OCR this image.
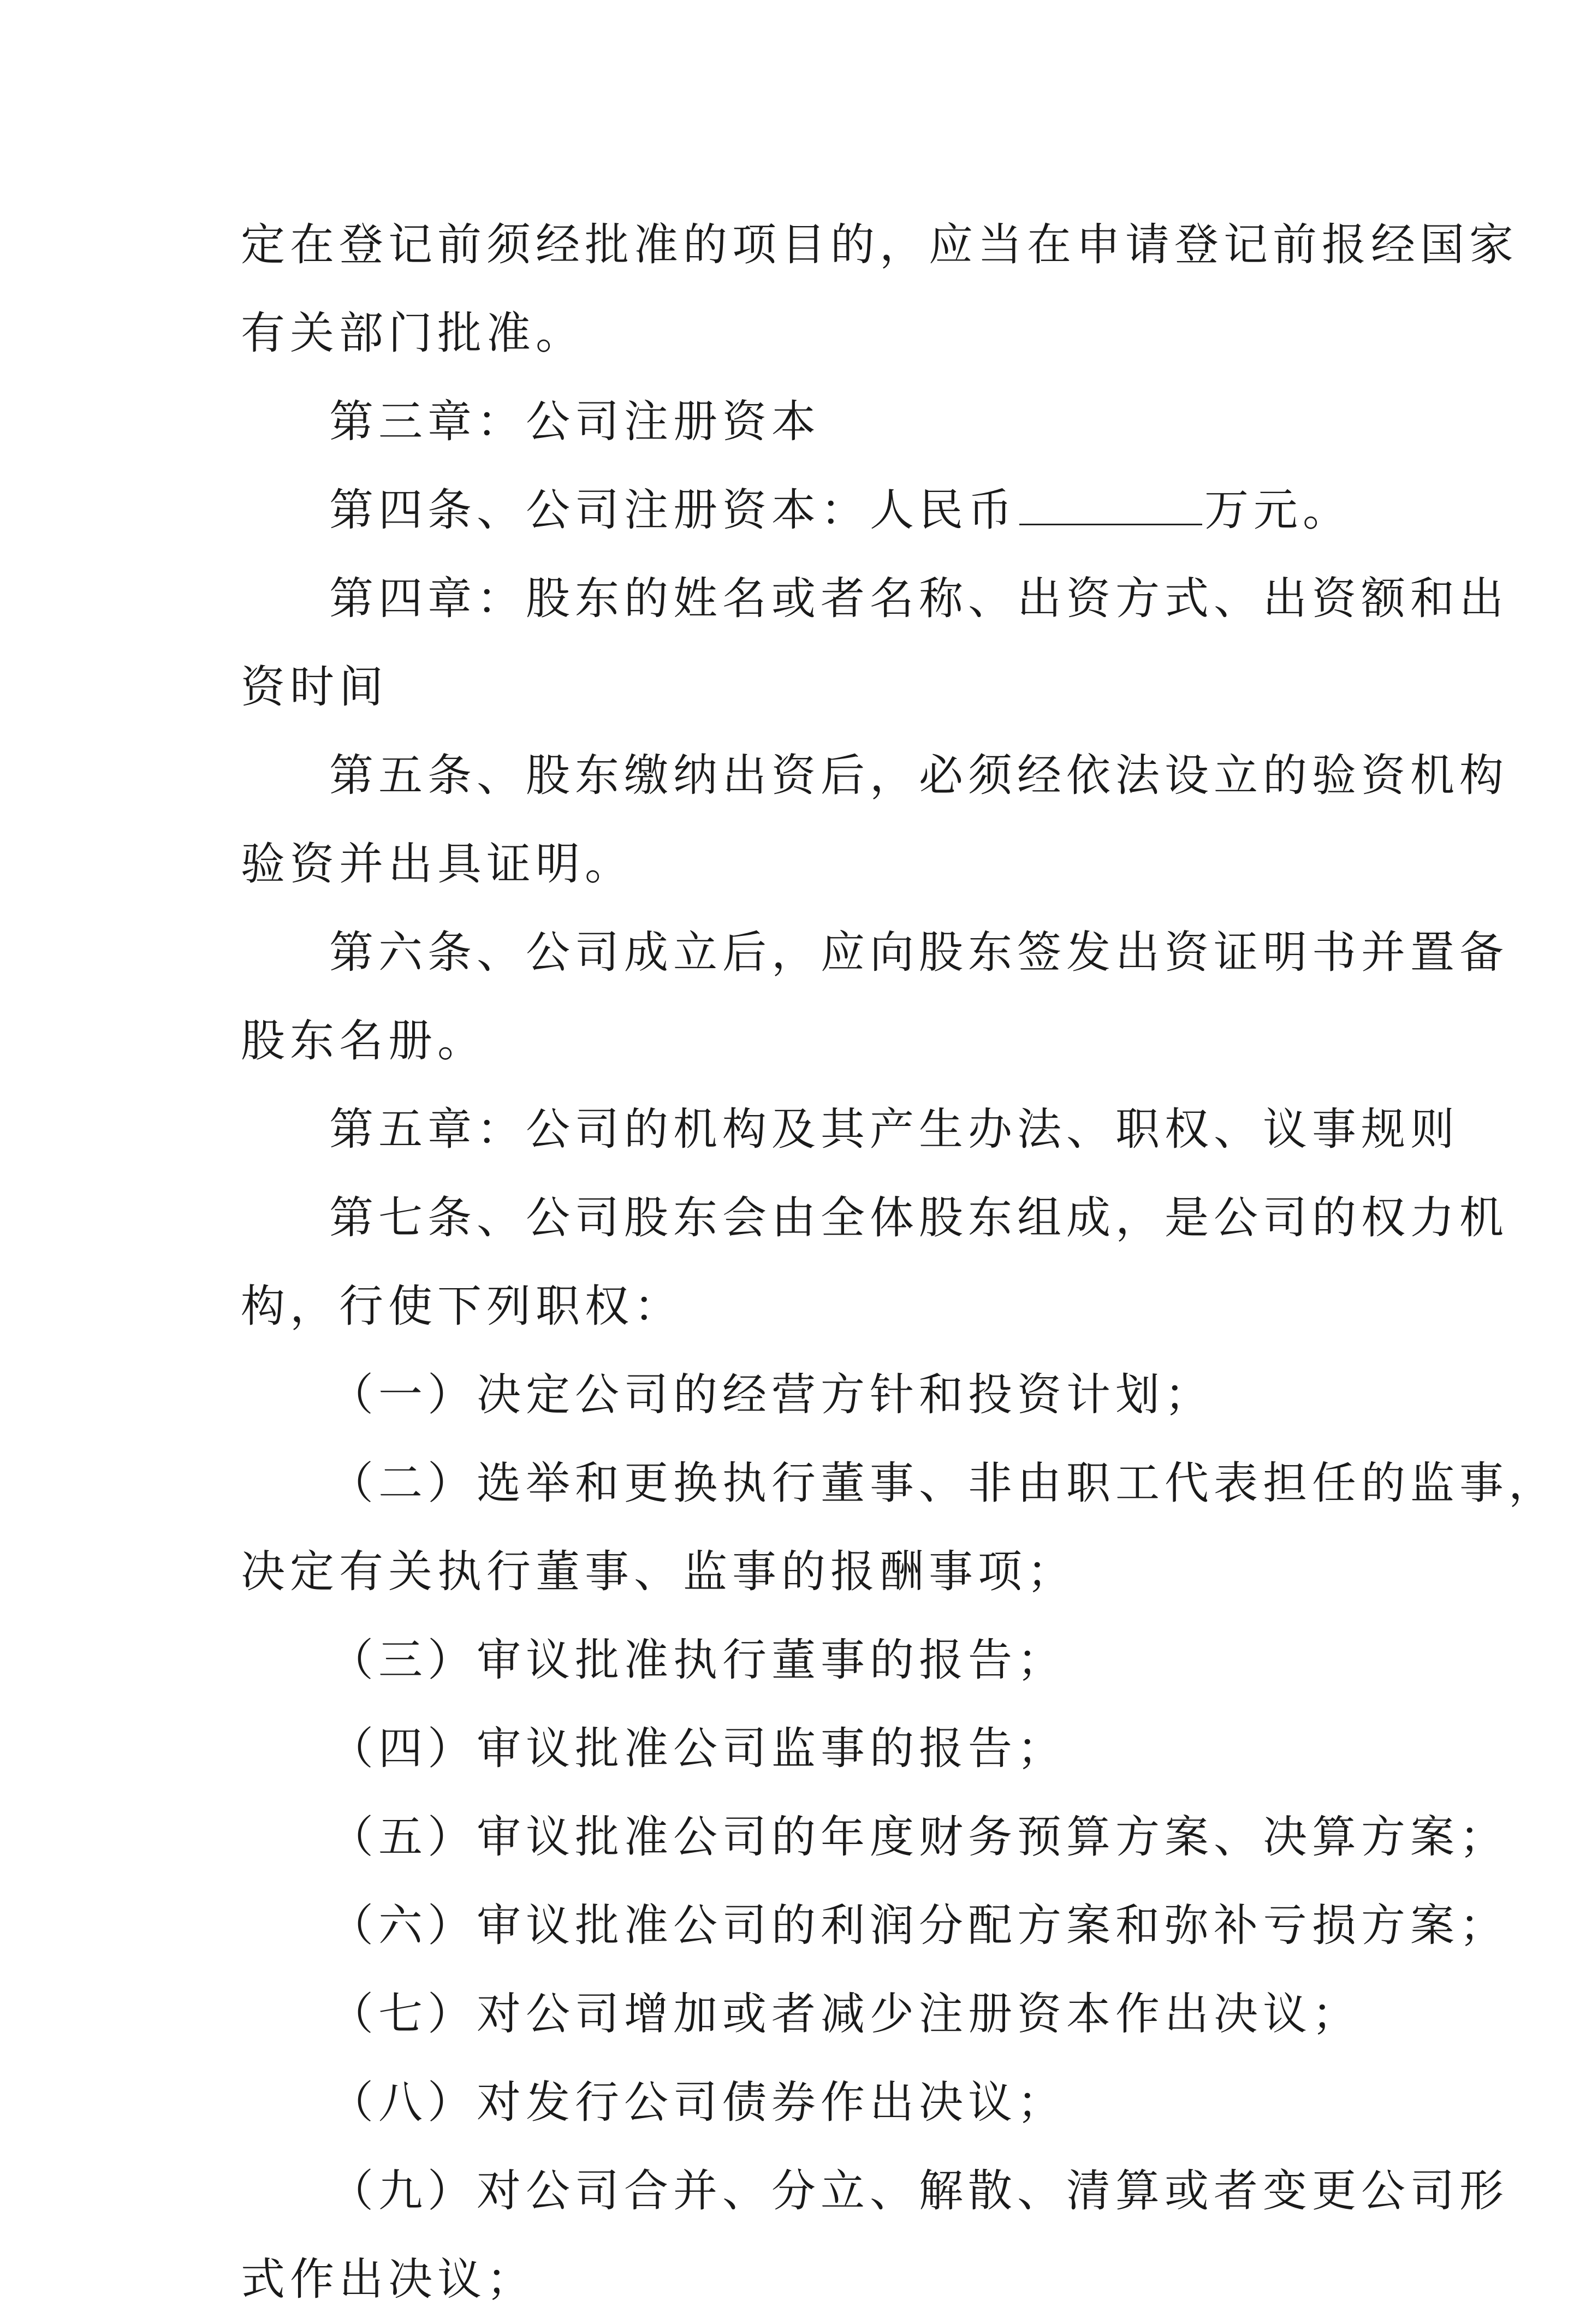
定在登记前须经批准的项目的，应当在申请登记前报经国家
有关部门批准。
第三章：公司注册资本
第四条、公司注册资本：人民币	万元。
第四章：股东的姓名或者名称、出资方式、出资额和出
资时间
第五条、股东缴纳出资后，必须经依法设立的验资机构
验资并出具证明。
第六条、公司成立后，应向股东签发出资证明书并置备
股东名册。
第五章：公司的机构及其产生办法、职权、议事规则
第七条、公司股东会由全体股东组成，是公司的权力机
构，行使下列职权：
（一）决定公司的经营方针和投资计划；
（二）选举和更换执行董事、非由职工代表担任的监事，
决定有关执行董事、监事的报酬事项；
（三）审议批准执行董事的报告；
（四）审议批准公司监事的报告；
（五）审议批准公司的年度财务预算方案、决算方案；
（六）审议批准公司的利润分配方案和弥补亏损方案；
（七）对公司增加或者减少注册资本作出决议；
（八）对发行公司债券作出决议；
（九）对公司合并、分立、解散、清算或者变更公司形
式作出决议；
